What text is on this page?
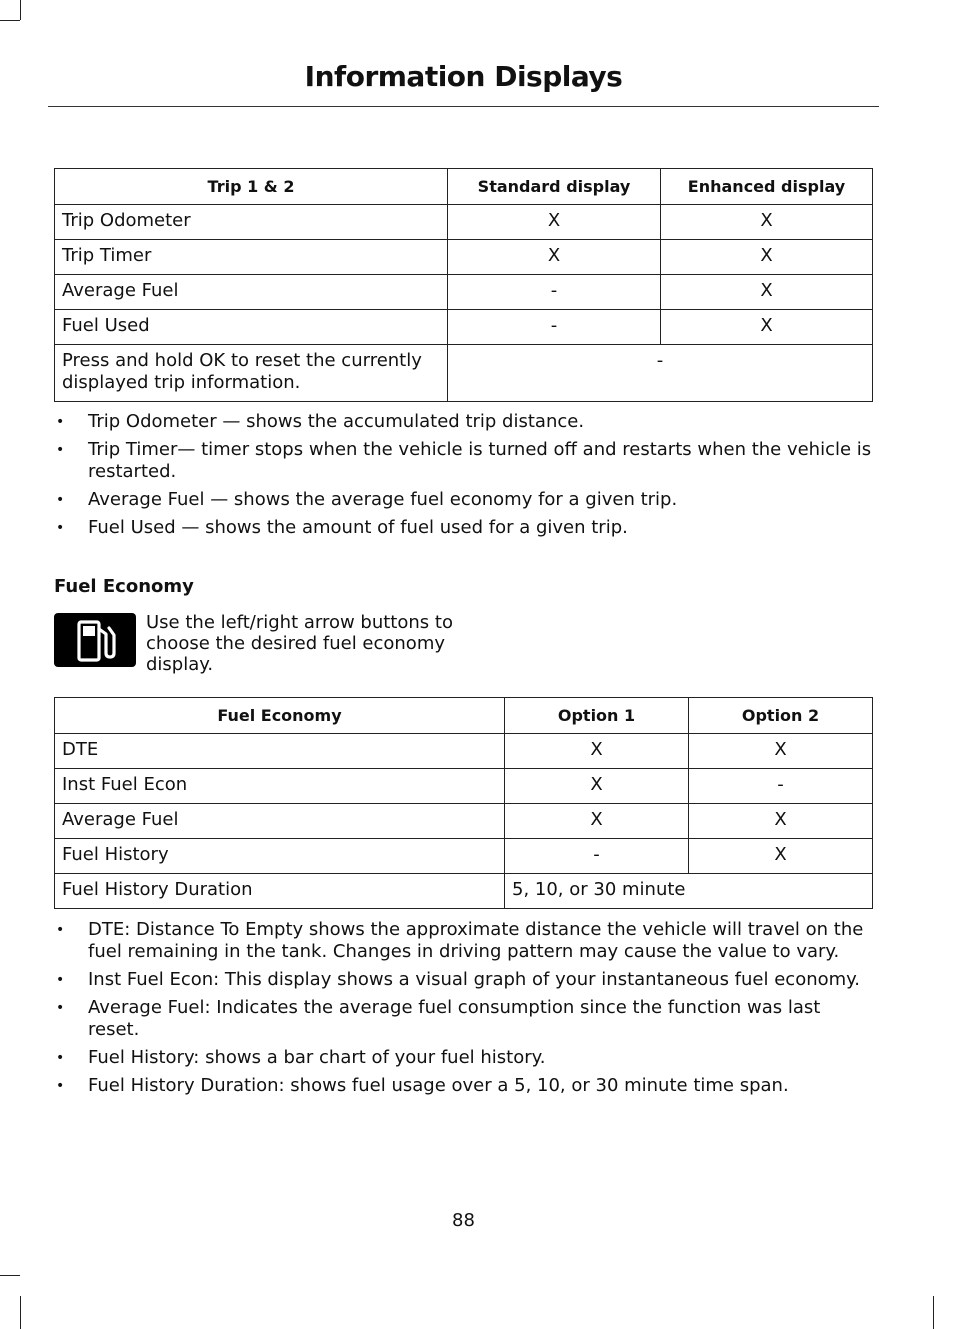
Information Displays
Trip 1 & 2	Standard display	Enhanced display
Trip Odometer	X	X
Trip Timer	X	X
Average Fuel	-	X
Fuel Used	-	X
Press and hold OK to reset the currently displayed trip information.	-	
• Trip Odometer — shows the accumulated trip distance.
• Trip Timer— timer stops when the vehicle is turned off and restarts when the vehicle is restarted.
• Average Fuel — shows the average fuel economy for a given trip.
• Fuel Used — shows the amount of fuel used for a given trip.
Fuel Economy
Use the left/right arrow buttons to choose the desired fuel economy display.
Fuel Economy	Option 1	Option 2
DTE	X	X
Inst Fuel Econ	X	-
Average Fuel	X	X
Fuel History	-	X
Fuel History Duration	5, 10, or 30 minute	
• DTE: Distance To Empty shows the approximate distance the vehicle will travel on the fuel remaining in the tank. Changes in driving pattern may cause the value to vary.
• Inst Fuel Econ: This display shows a visual graph of your instantaneous fuel economy.
• Average Fuel: Indicates the average fuel consumption since the function was last reset.
• Fuel History: shows a bar chart of your fuel history.
• Fuel History Duration: shows fuel usage over a 5, 10, or 30 minute time span.
88
